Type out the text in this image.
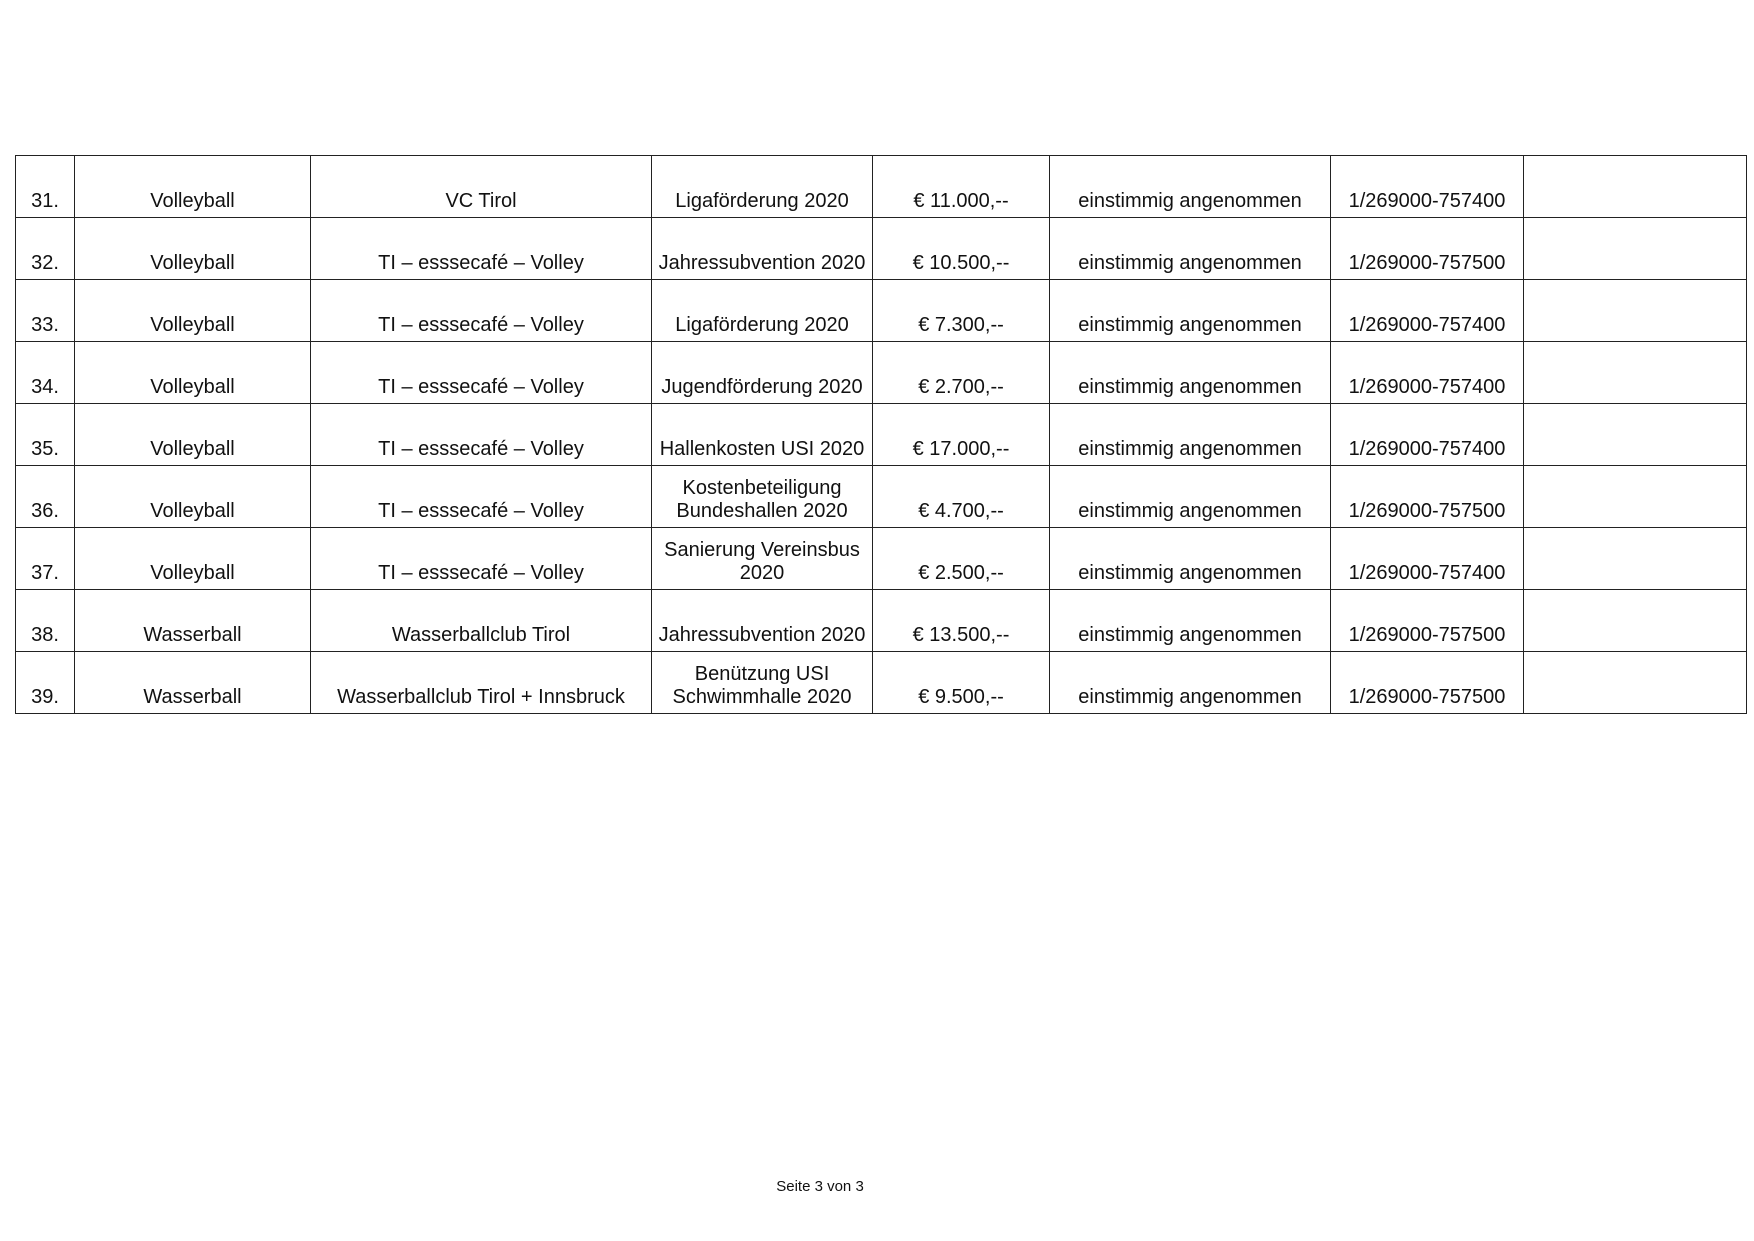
31.	Volleyball	VC Tirol	Ligaförderung 2020	€ 11.000,--	einstimmig angenommen	1/269000-757400	
32.	Volleyball	TI – esssecafé – Volley	Jahressubvention 2020	€ 10.500,--	einstimmig angenommen	1/269000-757500	
33.	Volleyball	TI – esssecafé – Volley	Ligaförderung 2020	€ 7.300,--	einstimmig angenommen	1/269000-757400	
34.	Volleyball	TI – esssecafé – Volley	Jugendförderung 2020	€ 2.700,--	einstimmig angenommen	1/269000-757400	
35.	Volleyball	TI – esssecafé – Volley	Hallenkosten USI 2020	€ 17.000,--	einstimmig angenommen	1/269000-757400	
36.	Volleyball	TI – esssecafé – Volley	Kostenbeteiligung Bundeshallen 2020	€ 4.700,--	einstimmig angenommen	1/269000-757500	
37.	Volleyball	TI – esssecafé – Volley	Sanierung Vereinsbus 2020	€ 2.500,--	einstimmig angenommen	1/269000-757400	
38.	Wasserball	Wasserballclub Tirol	Jahressubvention 2020	€ 13.500,--	einstimmig angenommen	1/269000-757500	
39.	Wasserball	Wasserballclub Tirol + Innsbruck	Benützung USI Schwimmhalle 2020	€ 9.500,--	einstimmig angenommen	1/269000-757500	
Seite 3 von 3
